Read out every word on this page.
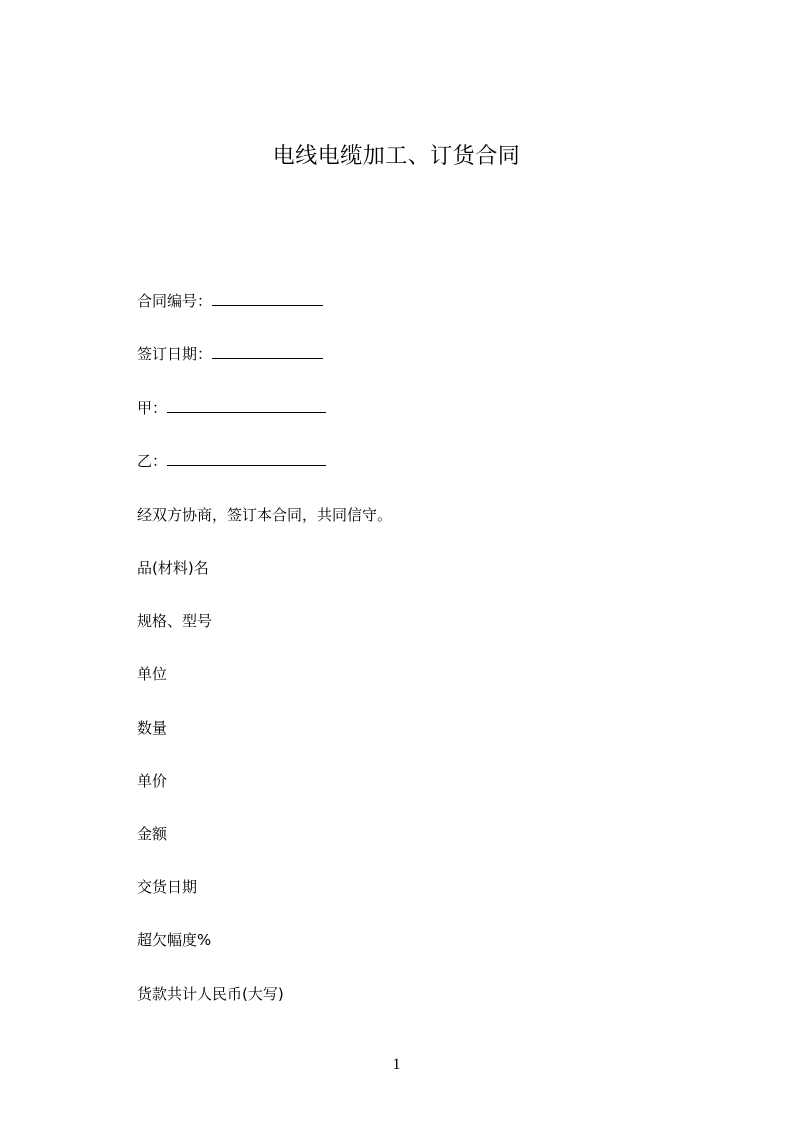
电线电缆加工、订货合同
合同编号：
签订日期：
甲：
乙：
经双方协商，签订本合同，共同信守。
品(材料)名
规格、型号
单位
数量
单价
金额
交货日期
超欠幅度%
货款共计人民币(大写)
1
